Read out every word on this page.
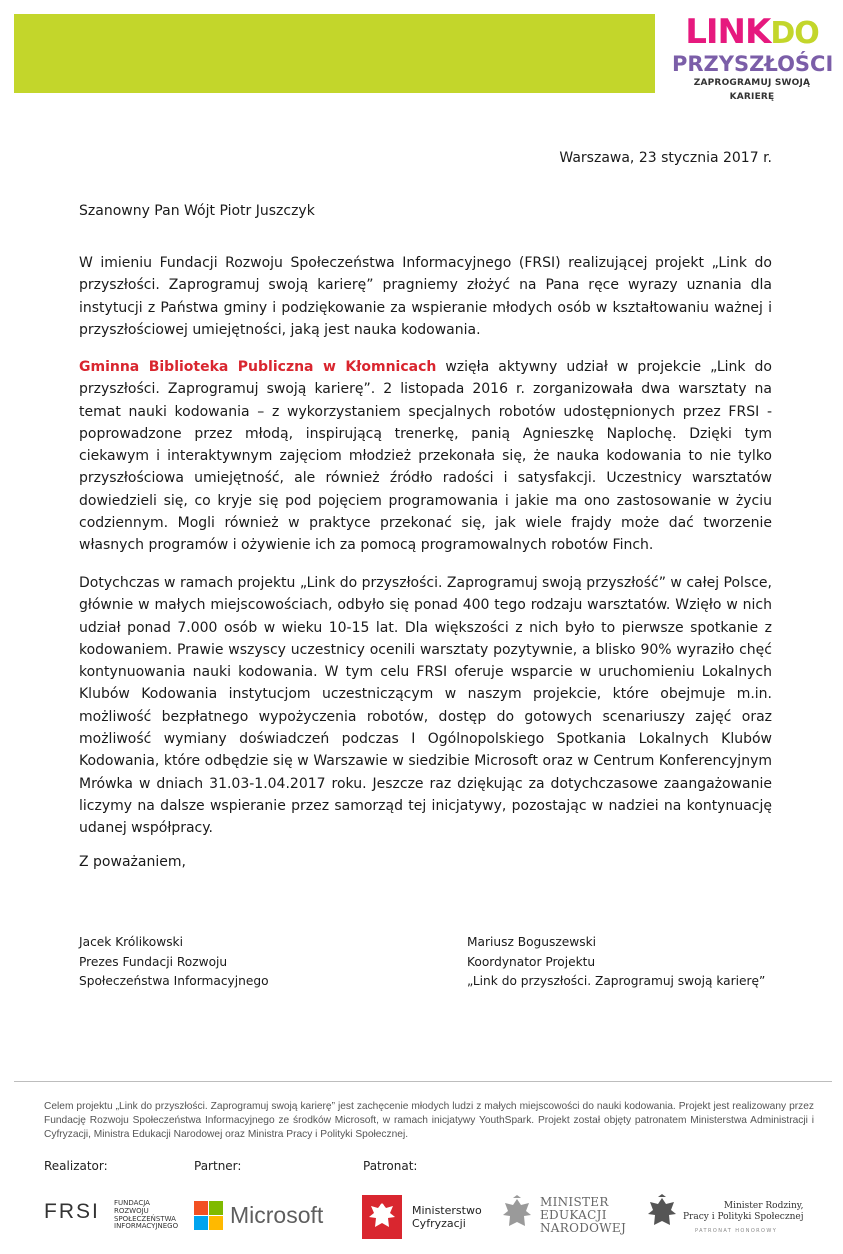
LINKDO
PRZYSZŁOŚCI
ZAPROGRAMUJ SWOJĄ KARIERĘ
Warszawa, 23 stycznia 2017 r.
Szanowny Pan Wójt Piotr Juszczyk

W imieniu Fundacji Rozwoju Społeczeństwa Informacyjnego (FRSI) realizującej projekt „Link do przyszłości. Zaprogramuj swoją karierę” pragniemy złożyć na Pana ręce wyrazy uznania dla instytucji z Państwa gminy i podziękowanie za wspieranie młodych osób w kształtowaniu ważnej i przyszłościowej umiejętności, jaką jest nauka kodowania.

Gminna Biblioteka Publiczna w Kłomnicach wzięła aktywny udział w projekcie „Link do przyszłości. Zaprogramuj swoją karierę”. 2 listopada 2016 r. zorganizowała dwa warsztaty na temat nauki kodowania – z wykorzystaniem specjalnych robotów udostępnionych przez FRSI - poprowadzone przez młodą, inspirującą trenerkę, panią Agnieszkę Naplochę. Dzięki tym ciekawym i interaktywnym zajęciom młodzież przekonała się, że nauka kodowania to nie tylko przyszłościowa umiejętność, ale również źródło radości i satysfakcji. Uczestnicy warsztatów dowiedzieli się, co kryje się pod pojęciem programowania i jakie ma ono zastosowanie w życiu codziennym. Mogli również w praktyce przekonać się, jak wiele frajdy może dać tworzenie własnych programów i ożywienie ich za pomocą programowalnych robotów Finch.

Dotychczas w ramach projektu „Link do przyszłości. Zaprogramuj swoją przyszłość” w całej Polsce, głównie w małych miejscowościach, odbyło się ponad 400 tego rodzaju warsztatów. Wzięło w nich udział ponad 7.000 osób w wieku 10-15 lat. Dla większości z nich było to pierwsze spotkanie z kodowaniem. Prawie wszyscy uczestnicy ocenili warsztaty pozytywnie, a blisko 90% wyraziło chęć kontynuowania nauki kodowania. W tym celu FRSI oferuje wsparcie w uruchomieniu Lokalnych Klubów Kodowania instytucjom uczestniczącym w naszym projekcie, które obejmuje m.in. możliwość bezpłatnego wypożyczenia robotów, dostęp do gotowych scenariuszy zajęć oraz możliwość wymiany doświadczeń podczas I Ogólnopolskiego Spotkania Lokalnych Klubów Kodowania, które odbędzie się w Warszawie w siedzibie Microsoft oraz w Centrum Konferencyjnym Mrówka w dniach 31.03-1.04.2017 roku. Jeszcze raz dziękując za dotychczasowe zaangażowanie liczymy na dalsze wspieranie przez samorząd tej inicjatywy, pozostając w nadziei na kontynuację udanej współpracy.

Z poważaniem,
Jacek Królikowski
Prezes Fundacji Rozwoju
Społeczeństwa Informacyjnego
Mariusz Boguszewski
Koordynator Projektu
„Link do przyszłości. Zaprogramuj swoją karierę”

Celem projektu „Link do przyszłości. Zaprogramuj swoją karierę” jest zachęcenie młodych ludzi z małych miejscowości do nauki kodowania. Projekt jest realizowany przez Fundację Rozwoju Społeczeństwa Informacyjnego ze środków Microsoft, w ramach inicjatywy YouthSpark. Projekt został objęty patronatem Ministerstwa Administracji i Cyfryzacji, Ministra Edukacji Narodowej oraz Ministra Pracy i Polityki Społecznej.

Realizator:	Partner:	Patronat:
FRSI FUNDACJA
ROZWOJU
SPOŁECZEŃSTWA
INFORMACYJNEGO	Microsoft	Ministerstwo
Cyfryzacji
MINISTER
EDUKACJI
NARODOWEJ
Minister Rodziny,
Pracy i Polityki Społecznej
PATRONAT HONOROWY
